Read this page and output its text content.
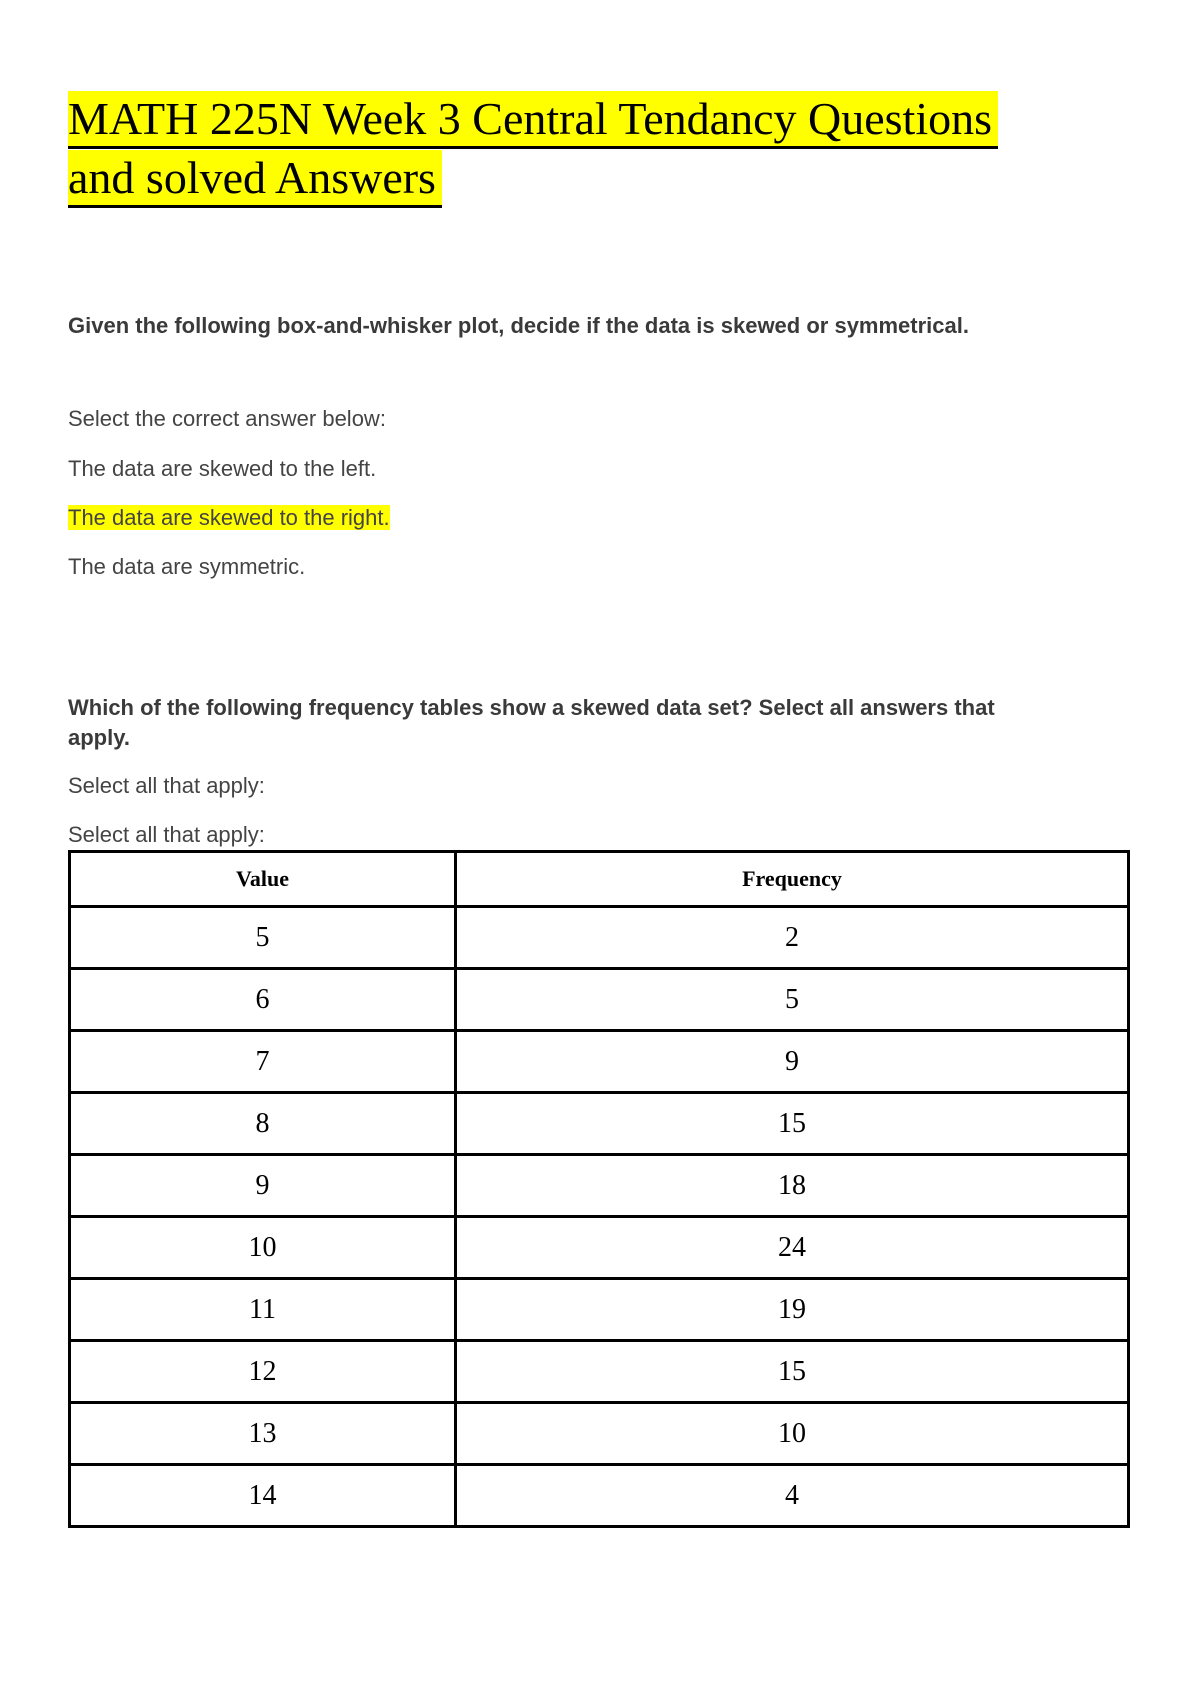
MATH 225N Week 3 Central Tendancy Questions
and solved Answers
Given the following box-and-whisker plot, decide if the data is skewed or symmetrical.
Select the correct answer below:
The data are skewed to the left.
The data are skewed to the right.
The data are symmetric.
Which of the following frequency tables show a skewed data set? Select all answers that
apply.
Select all that apply:
Select all that apply:
Value	Frequency
5	2
6	5
7	9
8	15
9	18
10	24
11	19
12	15
13	10
14	4
